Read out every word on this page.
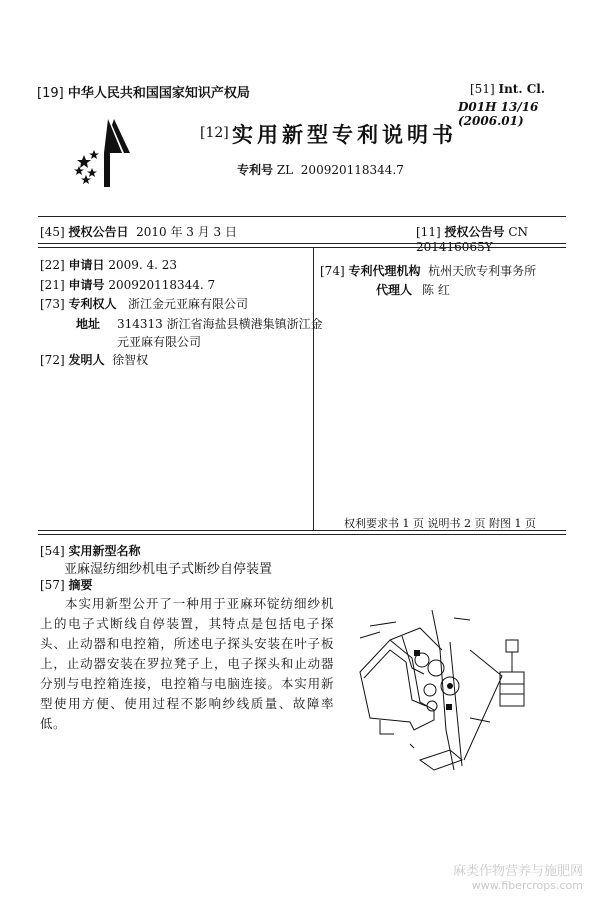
[19] 中华人民共和国国家知识产权局	[51] Int. Cl.
D01H 13/16 (2006.01)
[12] 实用新型专利说明书
专利号 ZL 200920118344.7
[45] 授权公告日 2010 年 3 月 3 日	[11] 授权公告号 CN 201416065Y
[22] 申请日 2009. 4. 23
[21] 申请号 200920118344. 7
[73] 专利权人 浙江金元亚麻有限公司
地址 314313 浙江省海盐县横港集镇浙江金
元亚麻有限公司
[72] 发明人 徐智权
[74] 专利代理机构 杭州天欣专利事务所
代理人 陈 红
权利要求书 1 页 说明书 2 页 附图 1 页
[54] 实用新型名称
亚麻湿纺细纱机电子式断纱自停装置
[57] 摘要
本实用新型公开了一种用于亚麻环锭纺细纱机上的电子式断线自停装置，其特点是包括电子探头、止动器和电控箱，所述电子探头安装在叶子板上，止动器安装在罗拉凳子上，电子探头和止动器分别与电控箱连接，电控箱与电脑连接。本实用新型使用方便、使用过程不影响纱线质量、故障率低。
麻类作物营养与施肥网
www.fibercrops.com
